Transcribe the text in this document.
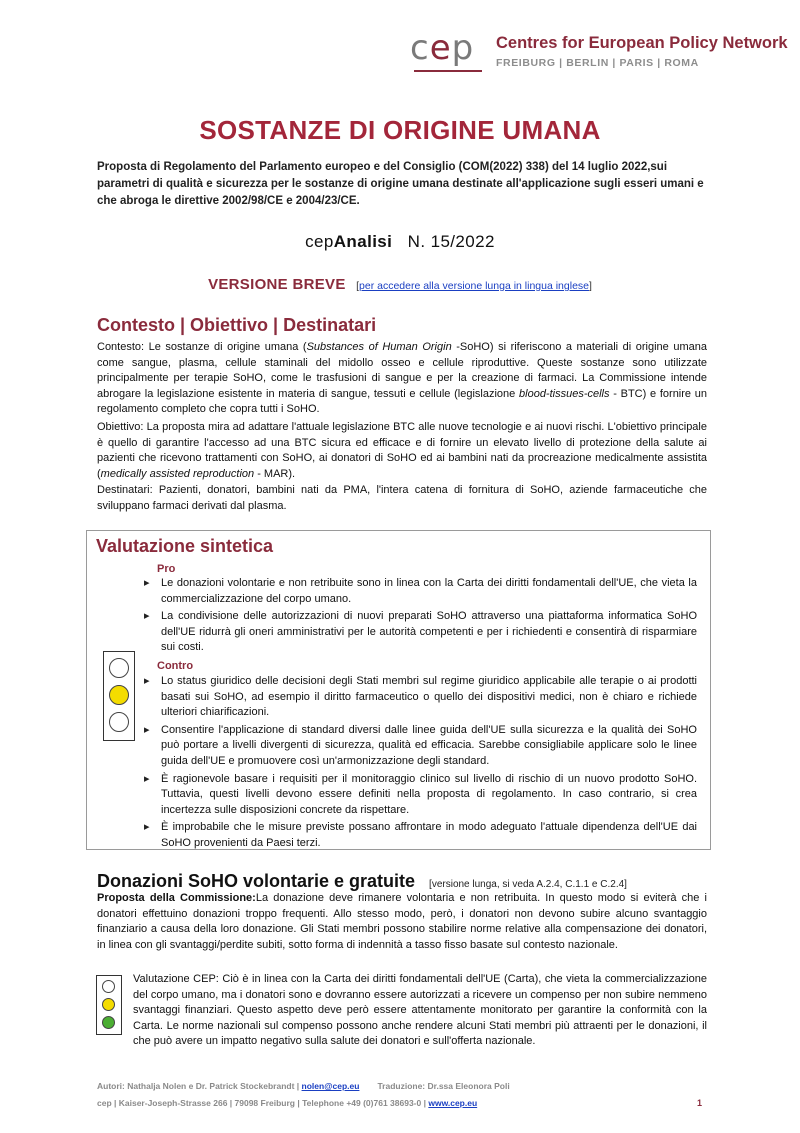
cep Centres for European Policy Network
FREIBURG | BERLIN | PARIS | ROMA
SOSTANZE DI ORIGINE UMANA
Proposta di Regolamento del Parlamento europeo e del Consiglio (COM(2022) 338) del 14 luglio 2022,sui parametri di qualità e sicurezza per le sostanze di origine umana destinate all'applicazione sugli esseri umani e che abroga le direttive 2002/98/CE e 2004/23/CE.
cepAnalisi N. 15/2022
VERSIONE BREVE [per accedere alla versione lunga in lingua inglese]
Contesto | Obiettivo | Destinatari
Contesto: Le sostanze di origine umana (Substances of Human Origin -SoHO) si riferiscono a materiali di origine umana come sangue, plasma, cellule staminali del midollo osseo e cellule riproduttive. Queste sostanze sono utilizzate principalmente per terapie SoHO, come le trasfusioni di sangue e per la creazione di farmaci. La Commissione intende abrogare la legislazione esistente in materia di sangue, tessuti e cellule (legislazione blood-tissues-cells - BTC) e fornire un regolamento completo che copra tutti i SoHO.
Obiettivo: La proposta mira ad adattare l'attuale legislazione BTC alle nuove tecnologie e ai nuovi rischi. L'obiettivo principale è quello di garantire l'accesso ad una BTC sicura ed efficace e di fornire un elevato livello di protezione della salute ai pazienti che ricevono trattamenti con SoHO, ai donatori di SoHO ed ai bambini nati da procreazione medicalmente assistita (medically assisted reproduction - MAR).
Destinatari: Pazienti, donatori, bambini nati da PMA, l'intera catena di fornitura di SoHO, aziende farmaceutiche che sviluppano farmaci derivati dal plasma.
Valutazione sintetica
Pro
▸ Le donazioni volontarie e non retribuite sono in linea con la Carta dei diritti fondamentali dell'UE, che vieta la commercializzazione del corpo umano.
▸ La condivisione delle autorizzazioni di nuovi preparati SoHO attraverso una piattaforma informatica SoHO dell'UE ridurrà gli oneri amministrativi per le autorità competenti e per i richiedenti e consentirà di risparmiare sui costi.
Contro
▸ Lo status giuridico delle decisioni degli Stati membri sul regime giuridico applicabile alle terapie o ai prodotti basati sui SoHO, ad esempio il diritto farmaceutico o quello dei dispositivi medici, non è chiaro e richiede ulteriori chiarificazioni.
▸ Consentire l'applicazione di standard diversi dalle linee guida dell'UE sulla sicurezza e la qualità dei SoHO può portare a livelli divergenti di sicurezza, qualità ed efficacia. Sarebbe consigliabile applicare solo le linee guida dell'UE e promuovere così un'armonizzazione degli standard.
▸ È ragionevole basare i requisiti per il monitoraggio clinico sul livello di rischio di un nuovo prodotto SoHO. Tuttavia, questi livelli devono essere definiti nella proposta di regolamento. In caso contrario, si crea incertezza sulle disposizioni concrete da rispettare.
▸ È improbabile che le misure previste possano affrontare in modo adeguato l'attuale dipendenza dell'UE dai SoHO provenienti da Paesi terzi.
Donazioni SoHO volontarie e gratuite [versione lunga, si veda A.2.4, C.1.1 e C.2.4]
Proposta della Commissione:La donazione deve rimanere volontaria e non retribuita. In questo modo si eviterà che i donatori effettuino donazioni troppo frequenti. Allo stesso modo, però, i donatori non devono subire alcuno svantaggio finanziario a causa della loro donazione. Gli Stati membri possono stabilire norme relative alla compensazione dei donatori, in linea con gli svantaggi/perdite subiti, sotto forma di indennità a tasso fisso basate sul contesto nazionale.
Valutazione CEP: Ciò è in linea con la Carta dei diritti fondamentali dell'UE (Carta), che vieta la commercializzazione del corpo umano, ma i donatori sono e dovranno essere autorizzati a ricevere un compenso per non subire nemmeno svantaggi finanziari. Questo aspetto deve però essere attentamente monitorato per garantire la conformità con la Carta. Le norme nazionali sul compenso possono anche rendere alcuni Stati membri più attraenti per le donazioni, il che può avere un impatto negativo sulla salute dei donatori e sull'offerta nazionale.
Autori: Nathalja Nolen e Dr. Patrick Stockebrandt | nolen@cep.eu Traduzione: Dr.ssa Eleonora Poli
cep | Kaiser-Joseph-Strasse 266 | 79098 Freiburg | Telephone +49 (0)761 38693-0 | www.cep.eu	1
